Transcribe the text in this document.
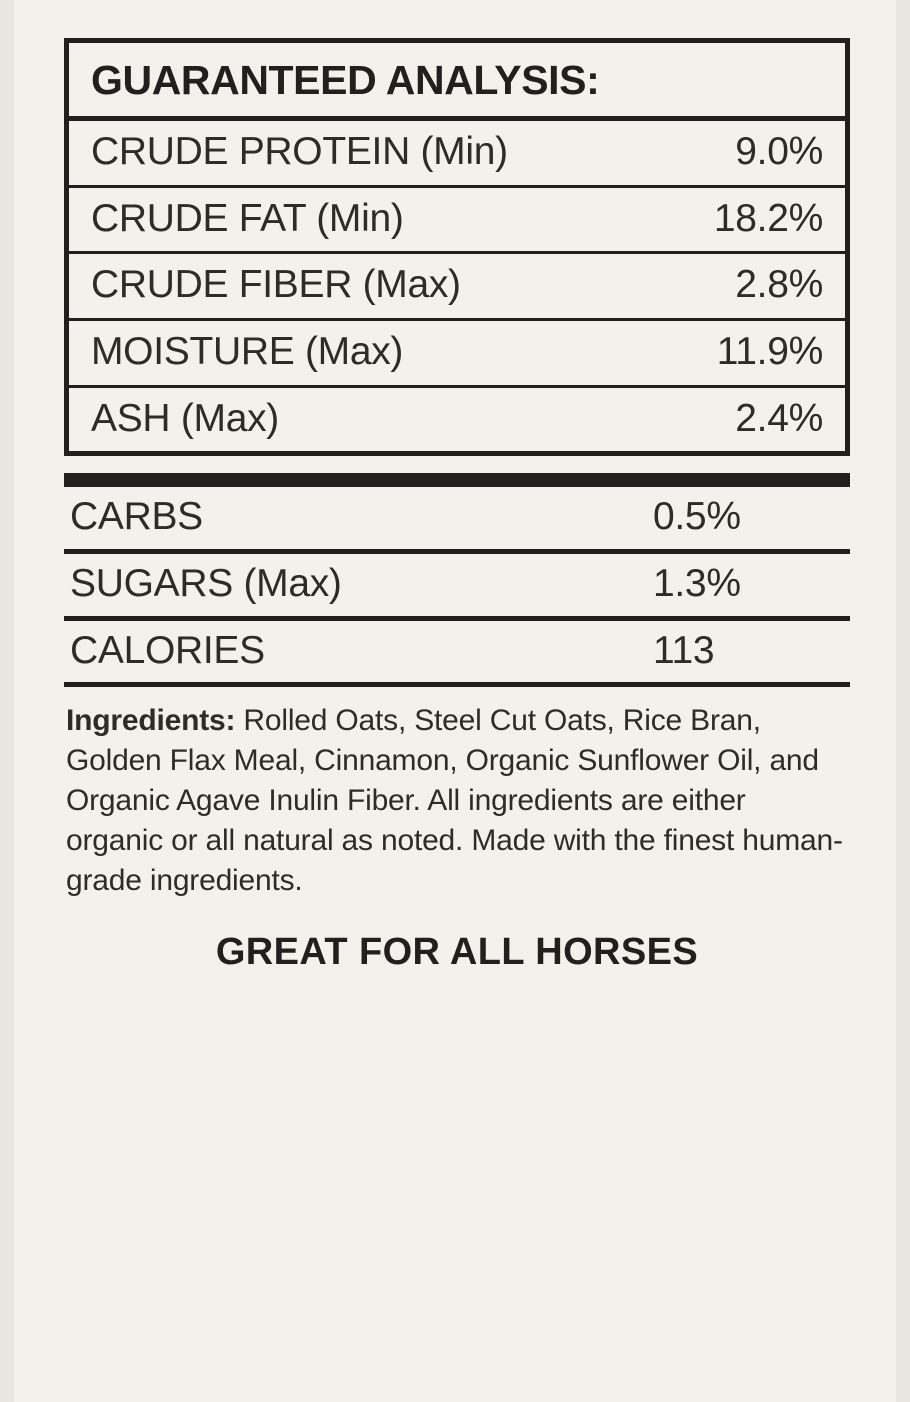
GUARANTEED ANALYSIS:
CRUDE PROTEIN (Min)	9.0%
CRUDE FAT (Min)	18.2%
CRUDE FIBER (Max)	2.8%
MOISTURE (Max)	11.9%
ASH (Max)	2.4%
CARBS	0.5%
SUGARS (Max)	1.3%
CALORIES	113

Ingredients: Rolled Oats, Steel Cut Oats, Rice Bran, Golden Flax Meal, Cinnamon, Organic Sunflower Oil, and Organic Agave Inulin Fiber. All ingredients are either organic or all natural as noted. Made with the finest human-grade ingredients.

GREAT FOR ALL HORSES
